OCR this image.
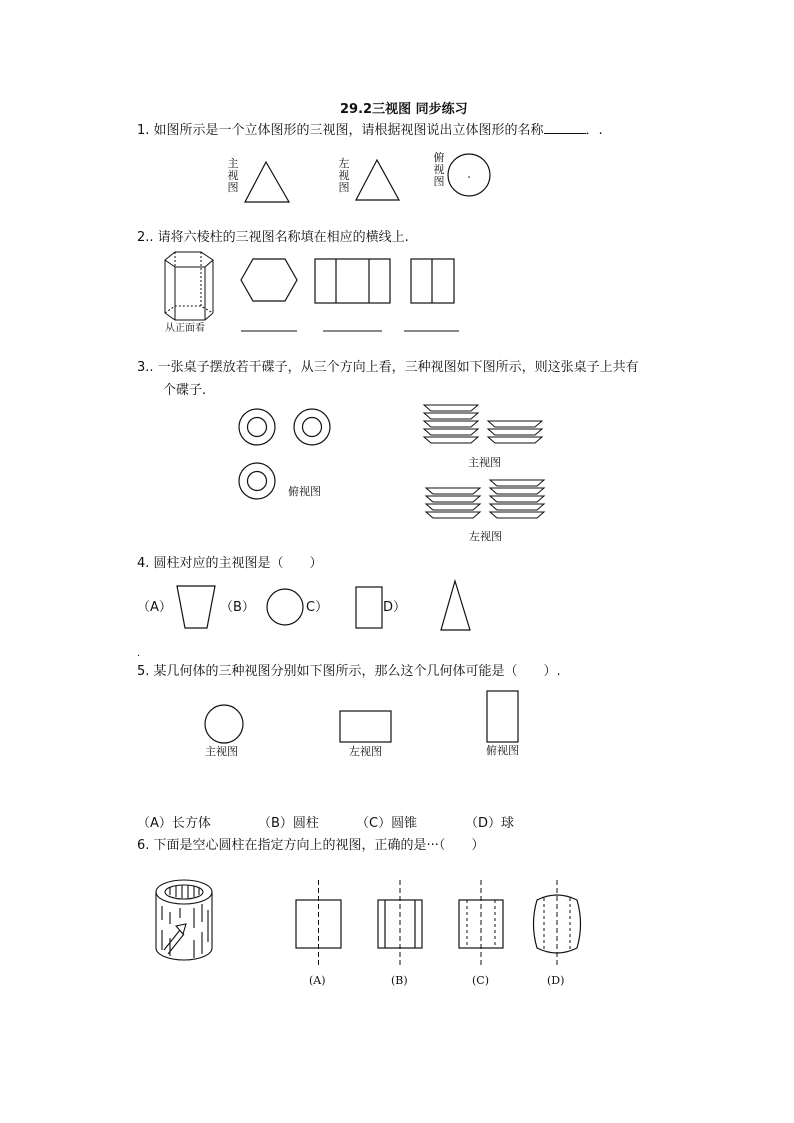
29.2三视图 同步练习
1. 如图所示是一个立体图形的三视图，请根据视图说出立体图形的名称	．.
主
视
图
左
视
图
俯
视
图
2.. 请将六棱柱的三视图名称填在相应的横线上.
从正面看
3.. 一张桌子摆放若干碟子，从三个方向上看，三种视图如下图所示，则这张桌子上共有
个碟子.
俯视图
主视图
左视图
4. 圆柱对应的主视图是（　　）
（A）	（B）	C）	D）
.
5. 某几何体的三种视图分别如下图所示，那么这个几何体可能是（　　）.
主视图	左视图	俯视图
（A）长方体	（B）圆柱	（C）圆锥	（D）球
6. 下面是空心圆柱在指定方向上的视图，正确的是···（　　）
(A)	(B)	(C)	(D)
